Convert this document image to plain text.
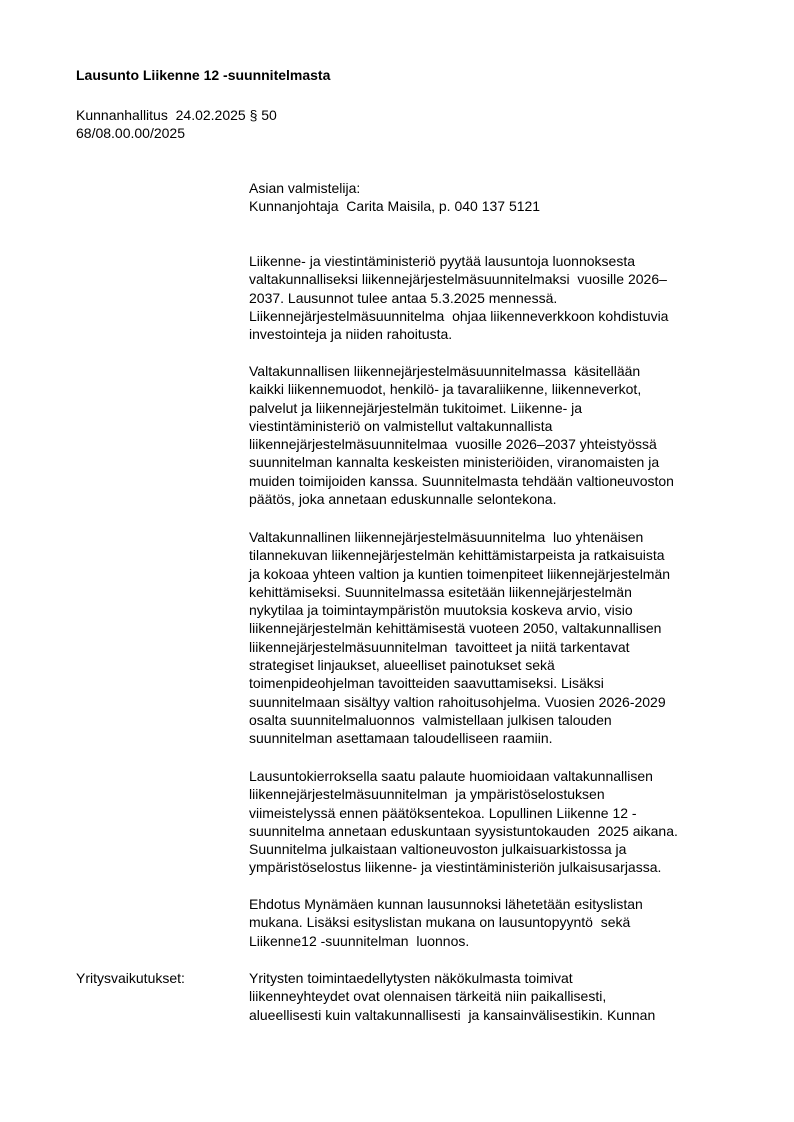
Lausunto Liikenne 12 -suunnitelmasta
Kunnanhallitus  24.02.2025 § 50
68/08.00.00/2025
Asian valmistelija:
Kunnanjohtaja  Carita Maisila, p. 040 137 5121
Liikenne- ja viestintäministeriö pyytää lausuntoja luonnoksesta
valtakunnalliseksi liikennejärjestelmäsuunnitelmaksi  vuosille 2026–
2037. Lausunnot tulee antaa 5.3.2025 mennessä.
Liikennejärjestelmäsuunnitelma  ohjaa liikenneverkkoon kohdistuvia
investointeja ja niiden rahoitusta.
Valtakunnallisen liikennejärjestelmäsuunnitelmassa  käsitellään
kaikki liikennemuodot, henkilö- ja tavaraliikenne, liikenneverkot,
palvelut ja liikennejärjestelmän tukitoimet. Liikenne- ja
viestintäministeriö on valmistellut valtakunnallista
liikennejärjestelmäsuunnitelmaa  vuosille 2026–2037 yhteistyössä
suunnitelman kannalta keskeisten ministeriöiden, viranomaisten ja
muiden toimijoiden kanssa. Suunnitelmasta tehdään valtioneuvoston
päätös, joka annetaan eduskunnalle selontekona.
Valtakunnallinen liikennejärjestelmäsuunnitelma  luo yhtenäisen
tilannekuvan liikennejärjestelmän kehittämistarpeista ja ratkaisuista
ja kokoaa yhteen valtion ja kuntien toimenpiteet liikennejärjestelmän
kehittämiseksi. Suunnitelmassa esitetään liikennejärjestelmän
nykytilaa ja toimintaympäristön muutoksia koskeva arvio, visio
liikennejärjestelmän kehittämisestä vuoteen 2050, valtakunnallisen
liikennejärjestelmäsuunnitelman  tavoitteet ja niitä tarkentavat
strategiset linjaukset, alueelliset painotukset sekä
toimenpideohjelman tavoitteiden saavuttamiseksi. Lisäksi
suunnitelmaan sisältyy valtion rahoitusohjelma. Vuosien 2026-2029
osalta suunnitelmaluonnos  valmistellaan julkisen talouden
suunnitelman asettamaan taloudelliseen raamiin.
Lausuntokierroksella saatu palaute huomioidaan valtakunnallisen
liikennejärjestelmäsuunnitelman  ja ympäristöselostuksen
viimeistelyssä ennen päätöksentekoa. Lopullinen Liikenne 12 -
suunnitelma annetaan eduskuntaan syysistuntokauden  2025 aikana.
Suunnitelma julkaistaan valtioneuvoston julkaisuarkistossa ja
ympäristöselostus liikenne- ja viestintäministeriön julkaisusarjassa.
Ehdotus Mynämäen kunnan lausunnoksi lähetetään esityslistan
mukana. Lisäksi esityslistan mukana on lausuntopyyntö  sekä
Liikenne12 -suunnitelman  luonnos.
Yritysvaikutukset:	Yritysten toimintaedellytysten näkökulmasta toimivat
liikenneyhteydet ovat olennaisen tärkeitä niin paikallisesti,
alueellisesti kuin valtakunnallisesti  ja kansainvälisestikin. Kunnan
